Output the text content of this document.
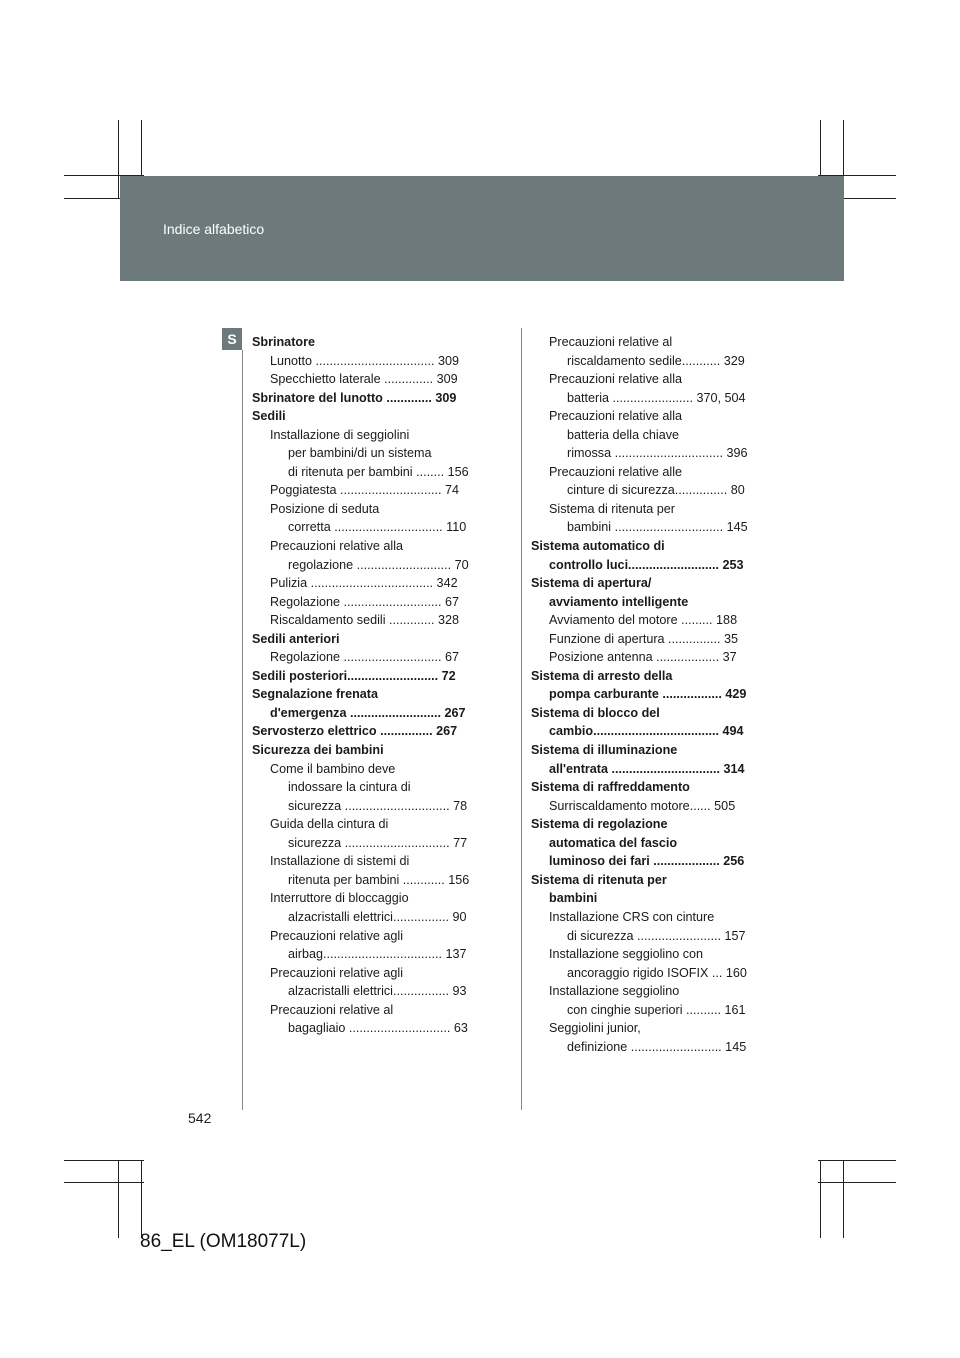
Indice alfabetico
S	Sbrinatore
Lunotto .................................. 309
Specchietto laterale .............. 309
Sbrinatore del lunotto ............. 309
Sedili
Installazione di seggiolini
per bambini/di un sistema
di ritenuta per bambini ........ 156
Poggiatesta ............................. 74
Posizione di seduta
corretta ............................... 110
Precauzioni relative alla
regolazione ........................... 70
Pulizia ................................... 342
Regolazione ............................ 67
Riscaldamento sedili ............. 328
Sedili anteriori
Regolazione ............................ 67
Sedili posteriori.......................... 72
Segnalazione frenata
d'emergenza .......................... 267
Servosterzo elettrico ............... 267
Sicurezza dei bambini
Come il bambino deve
indossare la cintura di
sicurezza .............................. 78
Guida della cintura di
sicurezza .............................. 77
Installazione di sistemi di
ritenuta per bambini ............ 156
Interruttore di bloccaggio
alzacristalli elettrici................ 90
Precauzioni relative agli
airbag.................................. 137
Precauzioni relative agli
alzacristalli elettrici................ 93
Precauzioni relative al
bagagliaio ............................. 63
Precauzioni relative al
riscaldamento sedile........... 329
Precauzioni relative alla
batteria ....................... 370, 504
Precauzioni relative alla
batteria della chiave
rimossa ............................... 396
Precauzioni relative alle
cinture di sicurezza............... 80
Sistema di ritenuta per
bambini ............................... 145
Sistema automatico di
controllo luci.......................... 253
Sistema di apertura/
avviamento intelligente
Avviamento del motore ......... 188
Funzione di apertura ............... 35
Posizione antenna .................. 37
Sistema di arresto della
pompa carburante ................. 429
Sistema di blocco del
cambio.................................... 494
Sistema di illuminazione
all'entrata ............................... 314
Sistema di raffreddamento
Surriscaldamento motore...... 505
Sistema di regolazione
automatica del fascio
luminoso dei fari ................... 256
Sistema di ritenuta per
bambini
Installazione CRS con cinture
di sicurezza ........................ 157
Installazione seggiolino con
ancoraggio rigido ISOFIX ... 160
Installazione seggiolino
con cinghie superiori .......... 161
Seggiolini junior,
definizione .......................... 145
542
86_EL (OM18077L)
